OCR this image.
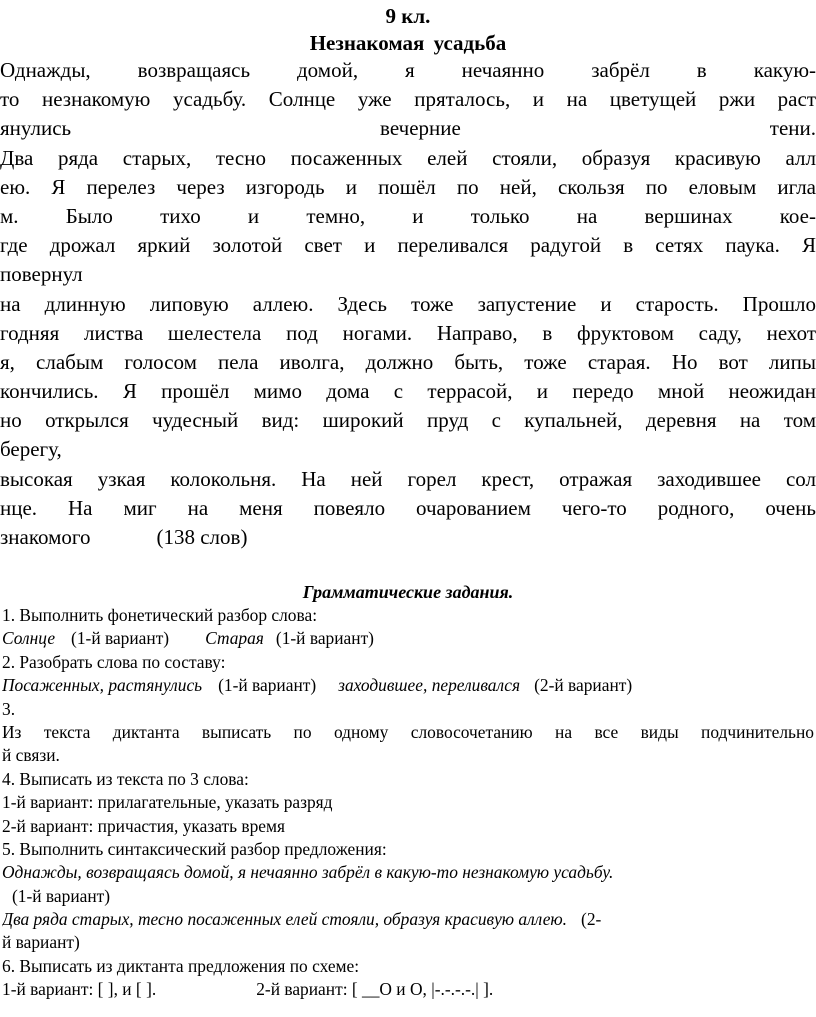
9 кл.
Незнакомая усадьба
Однажды, возвращаясь домой, я нечаянно забрёл в какую-
то незнакомую усадьбу. Солнце уже пряталось, и на цветущей ржи раст
янулись вечерние тени.
Два ряда старых, тесно посаженных елей стояли, образуя красивую алл
ею. Я перелез через изгородь и пошёл по ней, скользя по еловым игла
м. Было тихо и темно, и только на вершинах кое-
где дрожал яркий золотой свет и переливался радугой в сетях паука. Я
повернул
на длинную липовую аллею. Здесь тоже запустение и старость. Прошло
годняя листва шелестела под ногами. Направо, в фруктовом саду, нехот
я, слабым голосом пела иволга, должно быть, тоже старая. Но вот липы
кончились. Я прошёл мимо дома с террасой, и передо мной неожидан
но открылся чудесный вид: широкий пруд с купальней, деревня на том
берегу,
высокая узкая колокольня. На ней горел крест, отражая заходившее сол
нце. На миг на меня повеяло очарованием чего-то родного, очень
знакомого	(138 слов)
Грамматические задания.
1. Выполнить фонетический разбор слова:
Солнце (1-й вариант) Старая (1-й вариант)
2. Разобрать слова по составу:
Посаженных, растянулись (1-й вариант) заходившее, переливался (2-й вариант)
3.
Из текста диктанта выписать по одному словосочетанию на все виды подчинительно
й связи.
4. Выписать из текста по 3 слова:
1-й вариант: прилагательные, указать разряд
2-й вариант: причастия, указать время
5. Выполнить синтаксический разбор предложения:
Однажды, возвращаясь домой, я нечаянно забрёл в какую-то незнакомую усадьбу.
(1-й вариант)
Два ряда старых, тесно посаженных елей стояли, образуя красивую аллею. (2-
й вариант)
6. Выписать из диктанта предложения по схеме:
1-й вариант: [ ], и [ ].	2-й вариант: [ __О и О, |-.-.-.-.| ].
